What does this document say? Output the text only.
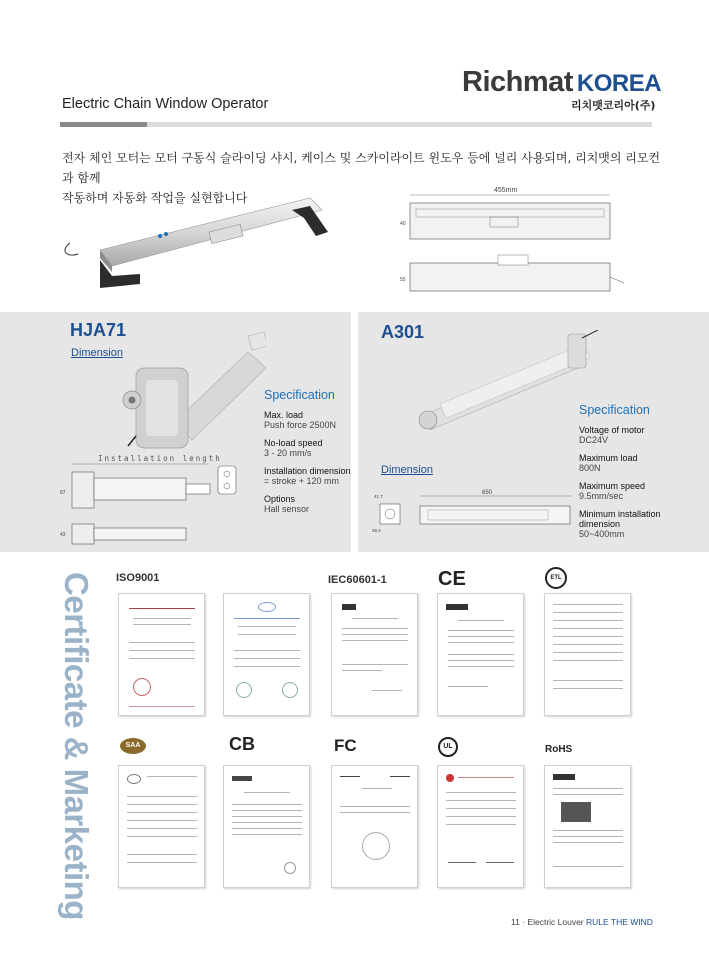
Richmat KOREA
리치맷코리아(주)
Electric Chain Window Operator
전자 체인 모터는 모터 구동식 슬라이딩 샤시, 케이스 및 스카이라이트 윈도우 등에 널리 사용되며, 리치맷의 리모컨과 함께
작동하며 자동화 작업을 실현합니다
455mm
40
55
HJA71
Dimension
Specification
Max. load
Push force 2500N
No-load speed
3 - 20 mm/s
Installation dimension
= stroke + 120 mm
Options
Hall sensor
Installation length
87
43
A301
Specification
Voltage of motor
DC24V
Maximum load
800N
Maximum speed
9.5mm/sec
Minimum installation dimension
50~400mm
Dimension
650
41.7
38.4
Certificate & Marketing ISO9001	IEC60601-1	CE	ETL
SAA	CB	FC	UL	RoHS
11 · Electric Louver RULE THE WIND
